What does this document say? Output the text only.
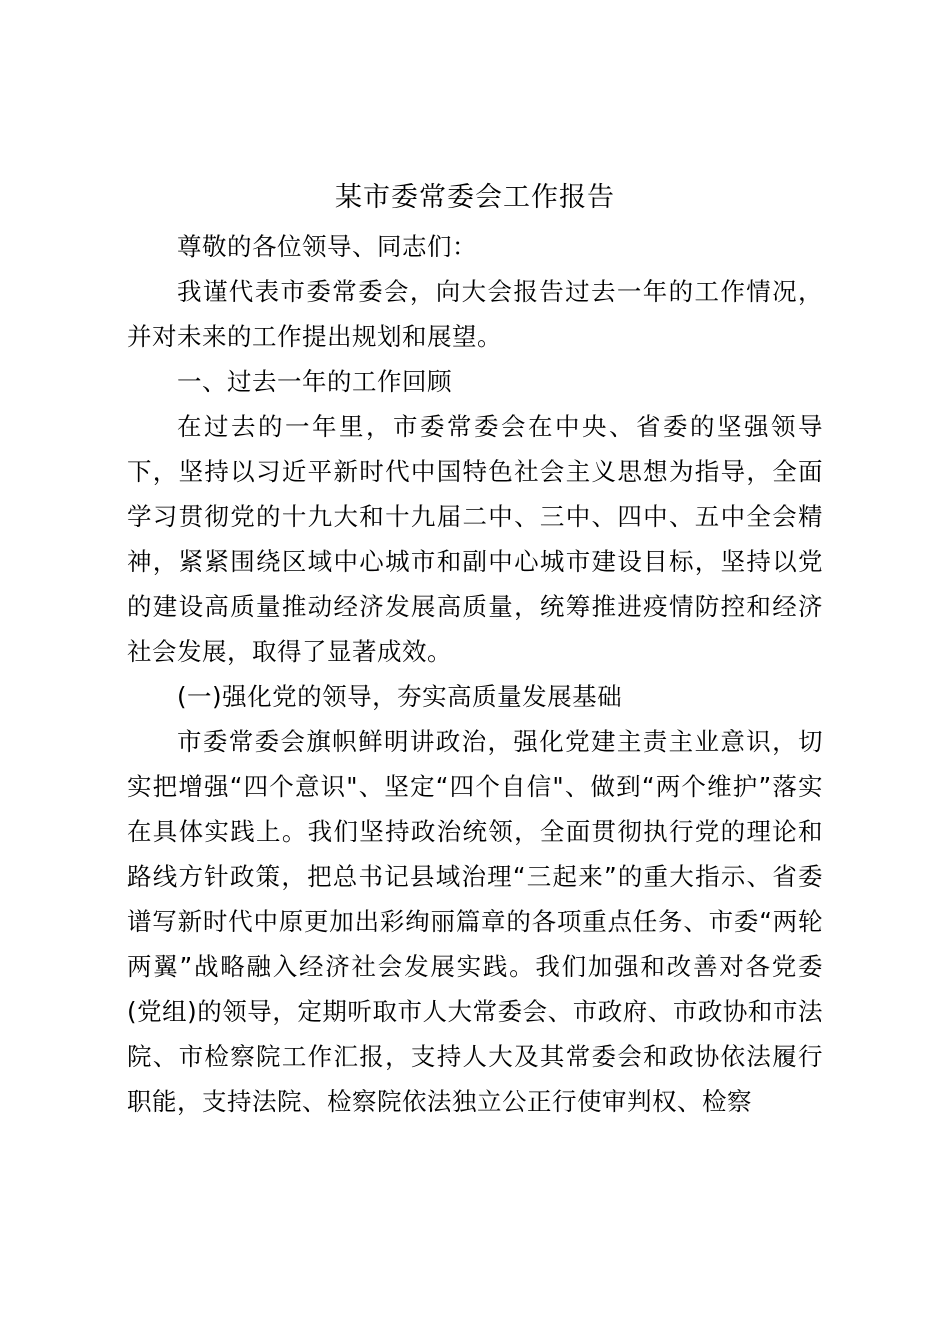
某市委常委会工作报告

尊敬的各位领导、同志们：

我谨代表市委常委会，向大会报告过去一年的工作情况，并对未来的工作提出规划和展望。

一、过去一年的工作回顾

在过去的一年里，市委常委会在中央、省委的坚强领导下，坚持以习近平新时代中国特色社会主义思想为指导，全面学习贯彻党的十九大和十九届二中、三中、四中、五中全会精神，紧紧围绕区域中心城市和副中心城市建设目标，坚持以党的建设高质量推动经济发展高质量，统筹推进疫情防控和经济社会发展，取得了显著成效。

(一)强化党的领导，夯实高质量发展基础

市委常委会旗帜鲜明讲政治，强化党建主责主业意识，切实把增强“四个意识"、坚定“四个自信"、做到“两个维护”落实在具体实践上。我们坚持政治统领，全面贯彻执行党的理论和路线方针政策，把总书记县域治理“三起来”的重大指示、省委谱写新时代中原更加出彩绚丽篇章的各项重点任务、市委“两轮两翼”战略融入经济社会发展实践。我们加强和改善对各党委(党组)的领导，定期听取市人大常委会、市政府、市政协和市法院、市检察院工作汇报，支持人大及其常委会和政协依法履行职能，支持法院、检察院依法独立公正行使审判权、检察
